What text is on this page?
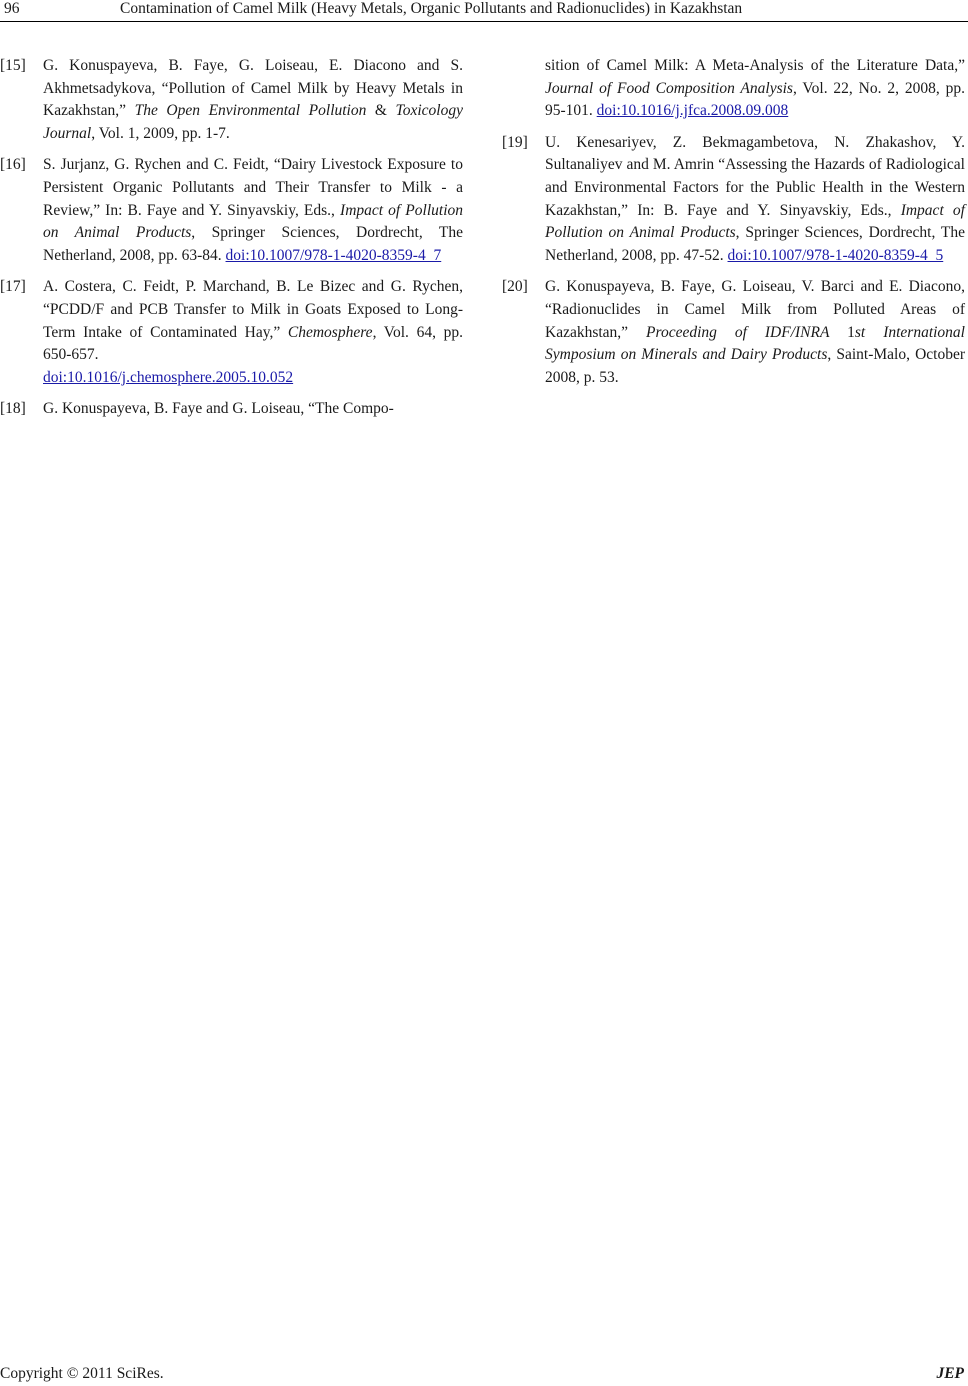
96	Contamination of Camel Milk (Heavy Metals, Organic Pollutants and Radionuclides) in Kazakhstan
[15] G. Konuspayeva, B. Faye, G. Loiseau, E. Diacono and S. Akhmetsadykova, “Pollution of Camel Milk by Heavy Metals in Kazakhstan,” The Open Environmental Pollution & Toxicology Journal, Vol. 1, 2009, pp. 1-7.
[16] S. Jurjanz, G. Rychen and C. Feidt, “Dairy Livestock Exposure to Persistent Organic Pollutants and Their Transfer to Milk - a Review,” In: B. Faye and Y. Sinyavskiy, Eds., Impact of Pollution on Animal Products, Springer Sciences, Dordrecht, The Netherland, 2008, pp. 63-84. doi:10.1007/978-1-4020-8359-4_7
[17] A. Costera, C. Feidt, P. Marchand, B. Le Bizec and G. Rychen, “PCDD/F and PCB Transfer to Milk in Goats Exposed to Long-Term Intake of Contaminated Hay,” Chemosphere, Vol. 64, pp. 650-657.
doi:10.1016/j.chemosphere.2005.10.052
[18] G. Konuspayeva, B. Faye and G. Loiseau, “The Compo-
sition of Camel Milk: A Meta-Analysis of the Literature Data,” Journal of Food Composition Analysis, Vol. 22, No. 2, 2008, pp. 95-101. doi:10.1016/j.jfca.2008.09.008
[19] U. Kenesariyev, Z. Bekmagambetova, N. Zhakashov, Y. Sultanaliyev and M. Amrin “Assessing the Hazards of Radiological and Environmental Factors for the Public Health in the Western Kazakhstan,” In: B. Faye and Y. Sinyavskiy, Eds., Impact of Pollution on Animal Products, Springer Sciences, Dordrecht, The Netherland, 2008, pp. 47-52. doi:10.1007/978-1-4020-8359-4_5
[20] G. Konuspayeva, B. Faye, G. Loiseau, V. Barci and E. Diacono, “Radionuclides in Camel Milk from Polluted Areas of Kazakhstan,” Proceeding of IDF/INRA 1st International Symposium on Minerals and Dairy Products, Saint-Malo, October 2008, p. 53.
Copyright © 2011 SciRes.	JEP
